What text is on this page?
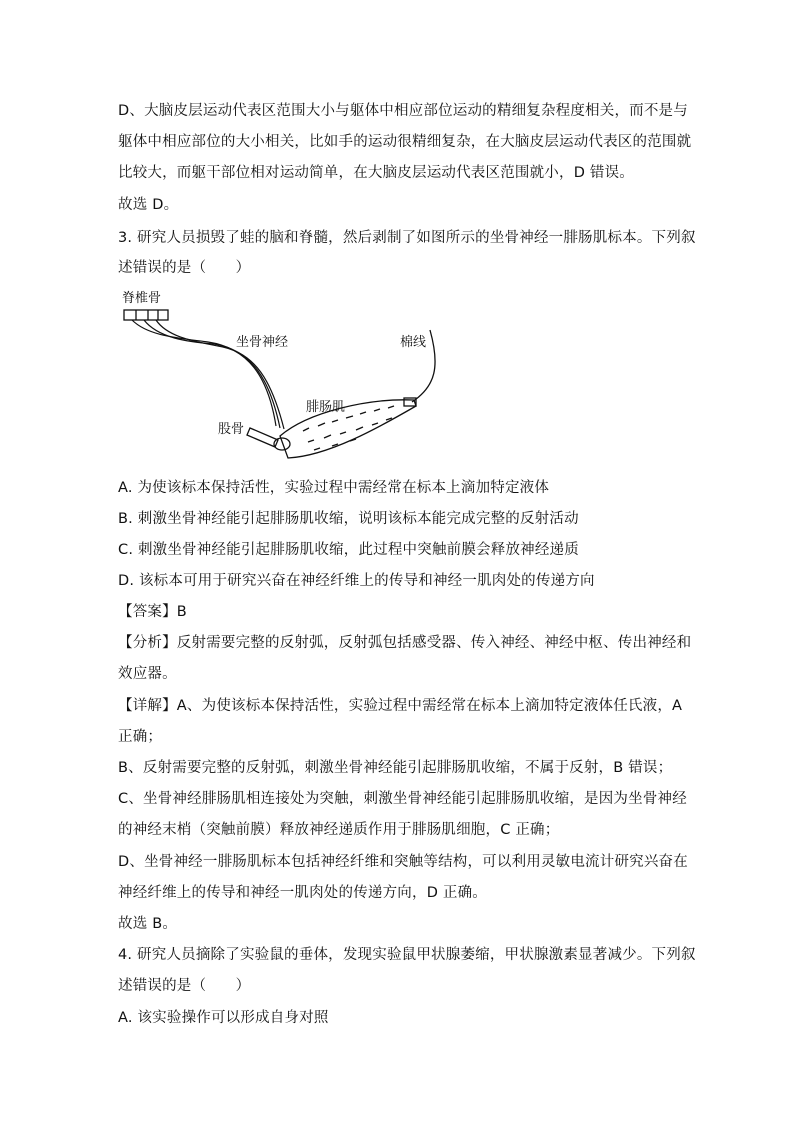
D、大脑皮层运动代表区范围大小与躯体中相应部位运动的精细复杂程度相关，而不是与
躯体中相应部位的大小相关，比如手的运动很精细复杂，在大脑皮层运动代表区的范围就
比较大，而躯干部位相对运动简单，在大脑皮层运动代表区范围就小，D 错误。
故选 D。
3. 研究人员损毁了蛙的脑和脊髓，然后剥制了如图所示的坐骨神经一腓肠肌标本。下列叙
述错误的是（　　）
脊椎骨
坐骨神经	棉线
腓肠肌
股骨
A. 为使该标本保持活性，实验过程中需经常在标本上滴加特定液体
B. 刺激坐骨神经能引起腓肠肌收缩，说明该标本能完成完整的反射活动
C. 刺激坐骨神经能引起腓肠肌收缩，此过程中突触前膜会释放神经递质
D. 该标本可用于研究兴奋在神经纤维上的传导和神经一肌肉处的传递方向
【答案】B
【分析】反射需要完整的反射弧，反射弧包括感受器、传入神经、神经中枢、传出神经和
效应器。
【详解】A、为使该标本保持活性，实验过程中需经常在标本上滴加特定液体任氏液，A
正确；
B、反射需要完整的反射弧，刺激坐骨神经能引起腓肠肌收缩，不属于反射，B 错误；
C、坐骨神经腓肠肌相连接处为突触，刺激坐骨神经能引起腓肠肌收缩，是因为坐骨神经
的神经末梢（突触前膜）释放神经递质作用于腓肠肌细胞，C 正确；
D、坐骨神经一腓肠肌标本包括神经纤维和突触等结构，可以利用灵敏电流计研究兴奋在
神经纤维上的传导和神经一肌肉处的传递方向，D 正确。
故选 B。
4. 研究人员摘除了实验鼠的垂体，发现实验鼠甲状腺萎缩，甲状腺激素显著减少。下列叙
述错误的是（　　）
A. 该实验操作可以形成自身对照
